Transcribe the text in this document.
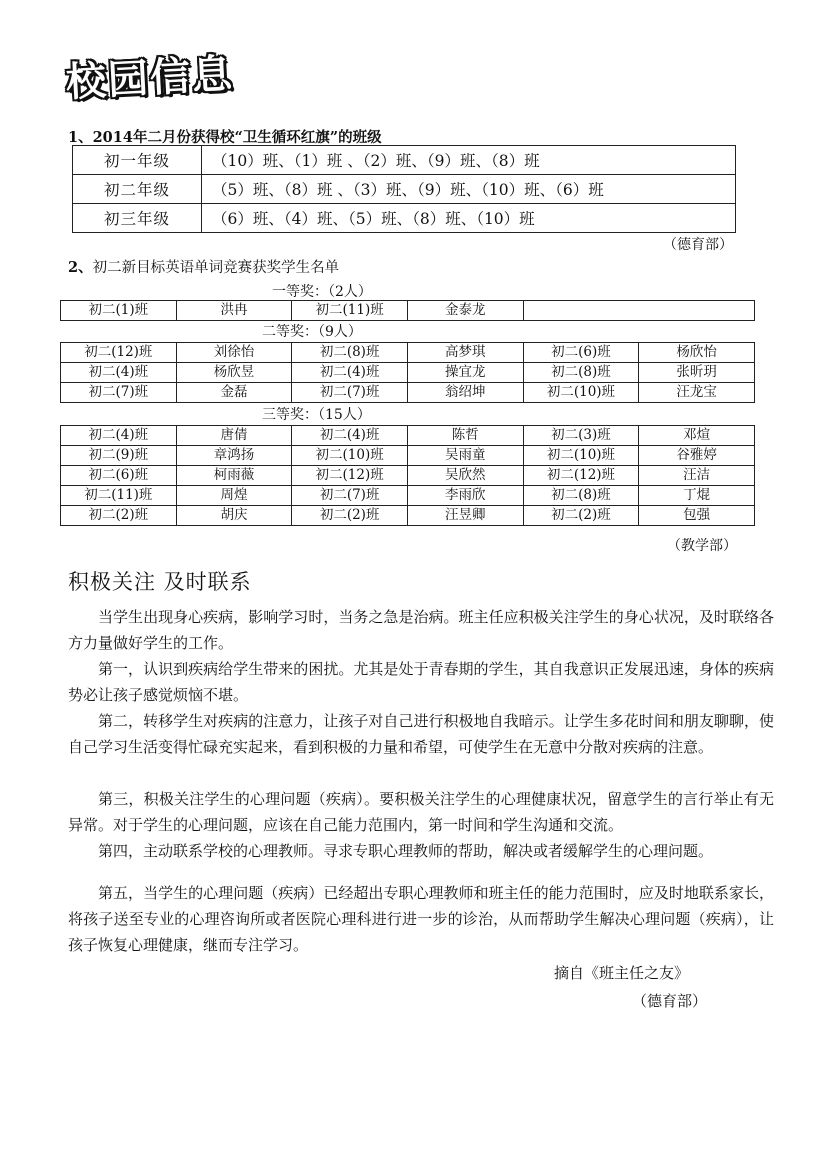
校园信息
1、2014年二月份获得校“卫生循环红旗”的班级
初一年级	（10）班、（1）班 、（2）班、（9）班、（8）班
初二年级	（5）班、（8）班 、（3）班、（9）班、（10）班、（6）班
初三年级	（6）班、（4）班、（5）班、（8）班、（10）班
（德育部）
2、初二新目标英语单词竞赛获奖学生名单
一等奖：（2人）
初二(1)班	洪冉	初二(11)班	金泰龙	
二等奖：（9人）
初二(12)班	刘徐怡	初二(8)班	高梦琪	初二(6)班	杨欣怡
初二(4)班	杨欣昱	初二(4)班	操宜龙	初二(8)班	张昕玥
初二(7)班	金磊	初二(7)班	翁绍坤	初二(10)班	汪龙宝
三等奖：（15人）
初二(4)班	唐倩	初二(4)班	陈哲	初二(3)班	邓煊
初二(9)班	章鸿扬	初二(10)班	吴雨童	初二(10)班	谷雅婷
初二(6)班	柯雨薇	初二(12)班	吴欣然	初二(12)班	汪洁
初二(11)班	周煌	初二(7)班	李雨欣	初二(8)班	丁焜
初二(2)班	胡庆	初二(2)班	汪昱卿	初二(2)班	包强
（教学部）
积极关注 及时联系

当学生出现身心疾病，影响学习时，当务之急是治病。班主任应积极关注学生的身心状况，及时联络各方力量做好学生的工作。

第一，认识到疾病给学生带来的困扰。尤其是处于青春期的学生，其自我意识正发展迅速，身体的疾病势必让孩子感觉烦恼不堪。

第二，转移学生对疾病的注意力，让孩子对自己进行积极地自我暗示。让学生多花时间和朋友聊聊，使自己学习生活变得忙碌充实起来，看到积极的力量和希望，可使学生在无意中分散对疾病的注意。

第三，积极关注学生的心理问题（疾病）。要积极关注学生的心理健康状况，留意学生的言行举止有无异常。对于学生的心理问题，应该在自己能力范围内，第一时间和学生沟通和交流。

第四，主动联系学校的心理教师。寻求专职心理教师的帮助，解决或者缓解学生的心理问题。

第五，当学生的心理问题（疾病）已经超出专职心理教师和班主任的能力范围时，应及时地联系家长，将孩子送至专业的心理咨询所或者医院心理科进行进一步的诊治，从而帮助学生解决心理问题（疾病），让孩子恢复心理健康，继而专注学习。

摘自《班主任之友》
（德育部）
